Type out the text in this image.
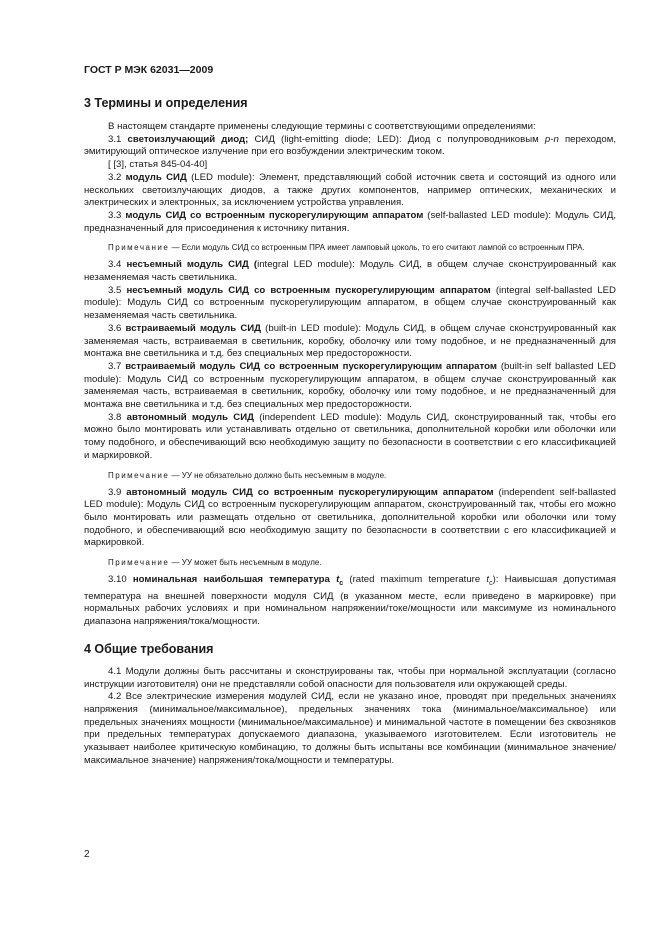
ГОСТ Р МЭК 62031—2009

3 Термины и определения

В настоящем стандарте применены следующие термины с соответствующими определениями:

3.1 светоизлучающий диод; СИД (light-emitting diode; LED): Диод с полупроводниковым p-n переходом, эмитирующий оптическое излучение при его возбуждении электрическим током.

[ [3], статья 845-04-40]

3.2 модуль СИД (LED module): Элемент, представляющий собой источник света и состоящий из одного или нескольких светоизлучающих диодов, а также других компонентов, например оптических, механических и электрических и электронных, за исключением устройства управления.

3.3 модуль СИД со встроенным пускорегулирующим аппаратом (self-ballasted LED module): Модуль СИД, предназначенный для присоединения к источнику питания.

Примечание — Если модуль СИД со встроенным ПРА имеет ламповый цоколь, то его считают лампой со встроенным ПРА.

3.4 несъемный модуль СИД (integral LED module): Модуль СИД, в общем случае сконструированный как незаменяемая часть светильника.

3.5 несъемный модуль СИД со встроенным пускорегулирующим аппаратом (integral self-ballasted LED module): Модуль СИД со встроенным пускорегулирующим аппаратом, в общем случае сконструированный как незаменяемая часть светильника.

3.6 встраиваемый модуль СИД (built-in LED module): Модуль СИД, в общем случае сконструированный как заменяемая часть, встраиваемая в светильник, коробку, оболочку или тому подобное, и не предназначенный для монтажа вне светильника и т.д. без специальных мер предосторожности.

3.7 встраиваемый модуль СИД со встроенным пускорегулирующим аппаратом (built-in self ballasted LED module): Модуль СИД со встроенным пускорегулирующим аппаратом, в общем случае сконструированный как заменяемая часть, встраиваемая в светильник, коробку, оболочку или тому подобное, и не предназначенный для монтажа вне светильника и т.д. без специальных мер предосторожности.

3.8 автономный модуль СИД (independent LED module): Модуль СИД, сконструированный так, чтобы его можно было монтировать или устанавливать отдельно от светильника, дополнительной коробки или оболочки или тому подобного, и обеспечивающий всю необходимую защиту по безопасности в соответствии с его классификацией и маркировкой.

Примечание — УУ не обязательно должно быть несъемным в модуле.

3.9 автономный модуль СИД со встроенным пускорегулирующим аппаратом (independent self-ballasted LED module): Модуль СИД со встроенным пускорегулирующим аппаратом, сконструированный так, чтобы его можно было монтировать или размещать отдельно от светильника, дополнительной коробки или оболочки или тому подобного, и обеспечивающий всю необходимую защиту по безопасности в соответствии с его классификацией и маркировкой.

Примечание — УУ может быть несъемным в модуле.

3.10 номинальная наибольшая температура $t_c$ (rated maximum temperature $t_c$): Наивысшая допустимая температура на внешней поверхности модуля СИД (в указанном месте, если приведено в маркировке) при нормальных рабочих условиях и при номинальном напряжении/токе/мощности или максимуме из номинального диапазона напряжения/тока/мощности.

4 Общие требования

4.1 Модули должны быть рассчитаны и сконструированы так, чтобы при нормальной эксплуатации (согласно инструкции изготовителя) они не представляли собой опасности для пользователя или окружающей среды.

4.2 Все электрические измерения модулей СИД, если не указано иное, проводят при предельных значениях напряжения (минимальное/максимальное), предельных значениях тока (минимальное/максимальное) или предельных значениях мощности (минимальное/максимальное) и минимальной частоте в помещении без сквозняков при предельных температурах допускаемого диапазона, указываемого изготовителем. Если изготовитель не указывает наиболее критическую комбинацию, то должны быть испытаны все комбинации (минимальное значение/максимальное значение) напряжения/тока/мощности и температуры.

2
